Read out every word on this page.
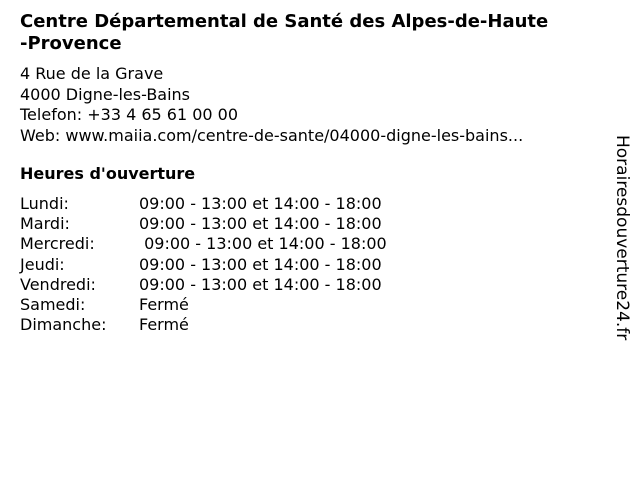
Centre Départemental de Santé des Alpes-de-Haute
-Provence
4 Rue de la Grave
4000 Digne-les-Bains
Telefon: +33 4 65 61 00 00
Web: www.maiia.com/centre-de-sante/04000-digne-les-bains...
Heures d'ouverture
Lundi:	09:00 - 13:00 et 14:00 - 18:00
Mardi:	09:00 - 13:00 et 14:00 - 18:00
Mercredi:	09:00 - 13:00 et 14:00 - 18:00
Jeudi:	09:00 - 13:00 et 14:00 - 18:00
Vendredi:	09:00 - 13:00 et 14:00 - 18:00
Samedi:	Fermé
Dimanche:	Fermé	Horairesdouverture24.fr
